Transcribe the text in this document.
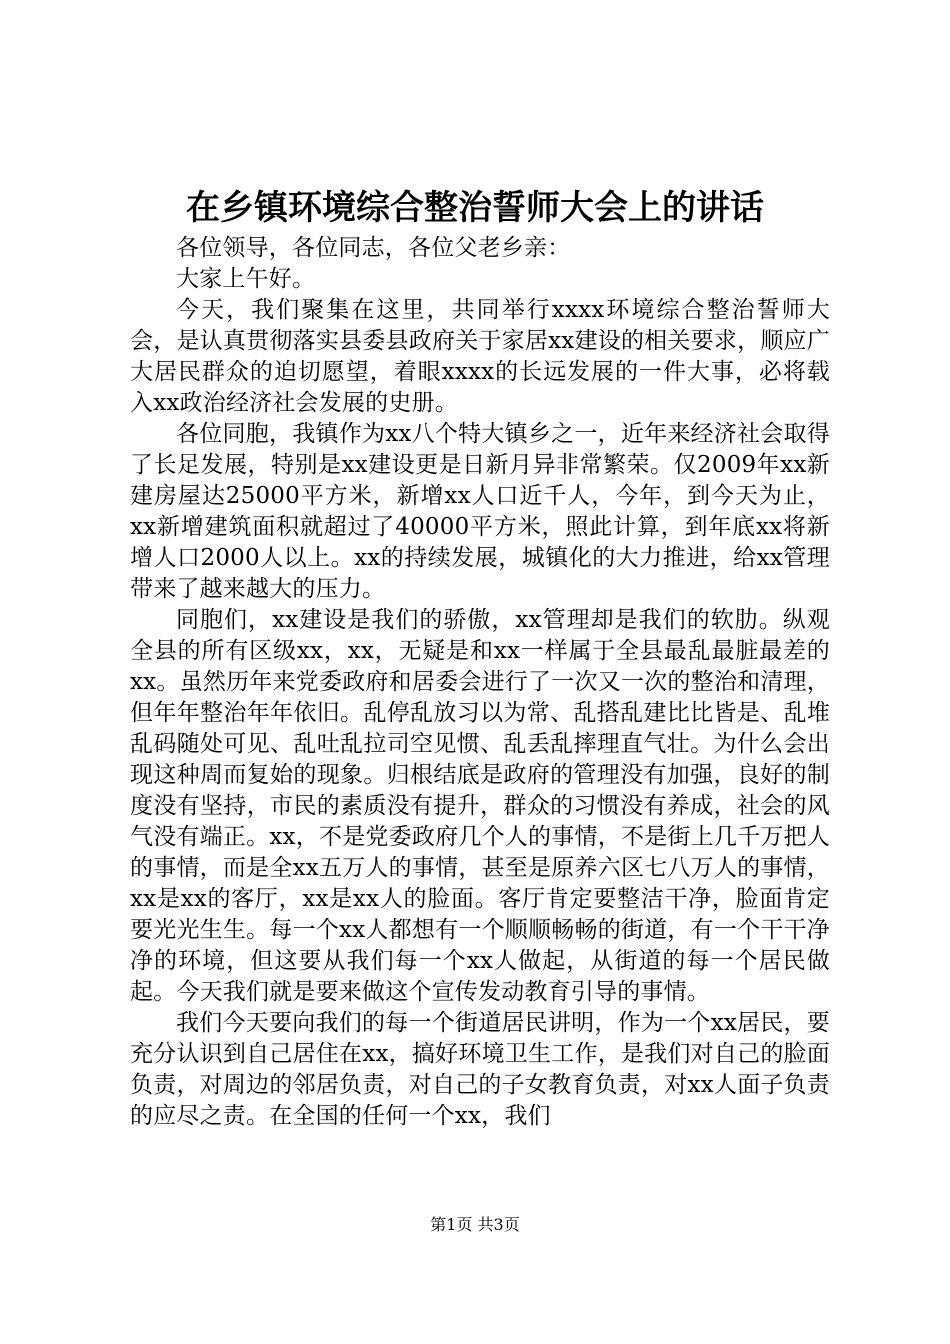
在乡镇环境综合整治誓师大会上的讲话

各位领导，各位同志，各位父老乡亲：

大家上午好。

今天，我们聚集在这里，共同举行xxxx环境综合整治誓师大会，是认真贯彻落实县委县政府关于家居xx建设的相关要求，顺应广大居民群众的迫切愿望，着眼xxxx的长远发展的一件大事，必将载入xx政治经济社会发展的史册。

各位同胞，我镇作为xx八个特大镇乡之一，近年来经济社会取得了长足发展，特别是xx建设更是日新月异非常繁荣。仅2009年xx新建房屋达25000平方米，新增xx人口近千人，今年，到今天为止，xx新增建筑面积就超过了40000平方米，照此计算，到年底xx将新增人口2000人以上。xx的持续发展，城镇化的大力推进，给xx管理带来了越来越大的压力。

同胞们，xx建设是我们的骄傲，xx管理却是我们的软肋。纵观全县的所有区级xx，xx，无疑是和xx一样属于全县最乱最脏最差的xx。虽然历年来党委政府和居委会进行了一次又一次的整治和清理，但年年整治年年依旧。乱停乱放习以为常、乱搭乱建比比皆是、乱堆乱码随处可见、乱吐乱拉司空见惯、乱丢乱摔理直气壮。为什么会出现这种周而复始的现象。归根结底是政府的管理没有加强，良好的制度没有坚持，市民的素质没有提升，群众的习惯没有养成，社会的风气没有端正。xx，不是党委政府几个人的事情，不是街上几千万把人的事情，而是全xx五万人的事情，甚至是原养六区七八万人的事情，xx是xx的客厅，xx是xx人的脸面。客厅肯定要整洁干净，脸面肯定要光光生生。每一个xx人都想有一个顺顺畅畅的街道，有一个干干净净的环境，但这要从我们每一个xx人做起，从街道的每一个居民做起。今天我们就是要来做这个宣传发动教育引导的事情。

我们今天要向我们的每一个街道居民讲明，作为一个xx居民，要充分认识到自己居住在xx，搞好环境卫生工作，是我们对自己的脸面负责，对周边的邻居负责，对自己的子女教育负责，对xx人面子负责的应尽之责。在全国的任何一个xx，我们

第1页 共3页
